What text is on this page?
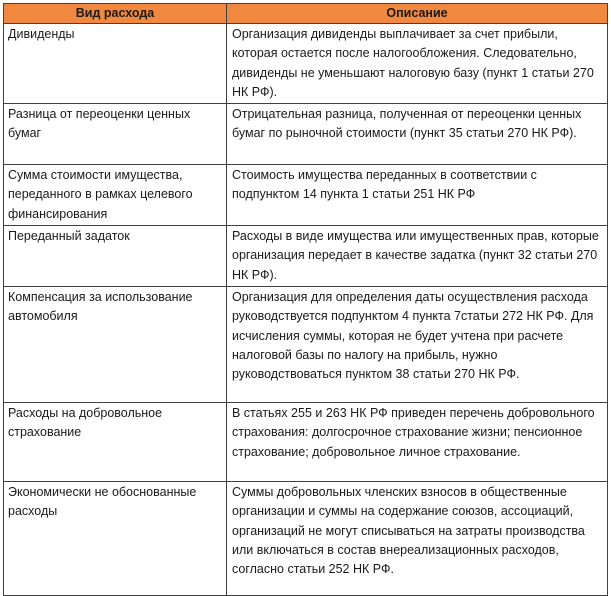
Вид расхода	Описание
Дивиденды	Организация дивиденды выплачивает за счет прибыли, которая остается после налогообложения. Следовательно, дивиденды не уменьшают налоговую базу (пункт 1 статьи 270 НК РФ).
Разница от переоценки ценных бумаг	Отрицательная разница, полученная от переоценки ценных бумаг по рыночной стоимости (пункт 35 статьи 270 НК РФ).
Сумма стоимости имущества, переданного в рамках целевого финансирования	Стоимость имущества переданных в соответствии с подпунктом 14 пункта 1 статьи 251 НК РФ
Переданный задаток	Расходы в виде имущества или имущественных прав, которые организация передает в качестве задатка (пункт 32 статьи 270 НК РФ).
Компенсация за использование автомобиля	Организация для определения даты осуществления расхода руководствуется подпунктом 4 пункта 7статьи 272 НК РФ. Для исчисления суммы, которая не будет учтена при расчете налоговой базы по налогу на прибыль, нужно руководствоваться пунктом 38 статьи 270 НК РФ.
Расходы на добровольное страхование	В статьях 255 и 263 НК РФ приведен перечень добровольного страхования: долгосрочное страхование жизни; пенсионное страхование; добровольное личное страхование.
Экономически не обоснованные расходы	Суммы добровольных членских взносов в общественные организации и суммы на содержание союзов, ассоциаций, организаций не могут списываться на затраты производства или включаться в состав внереализационных расходов, согласно статьи 252 НК РФ.
